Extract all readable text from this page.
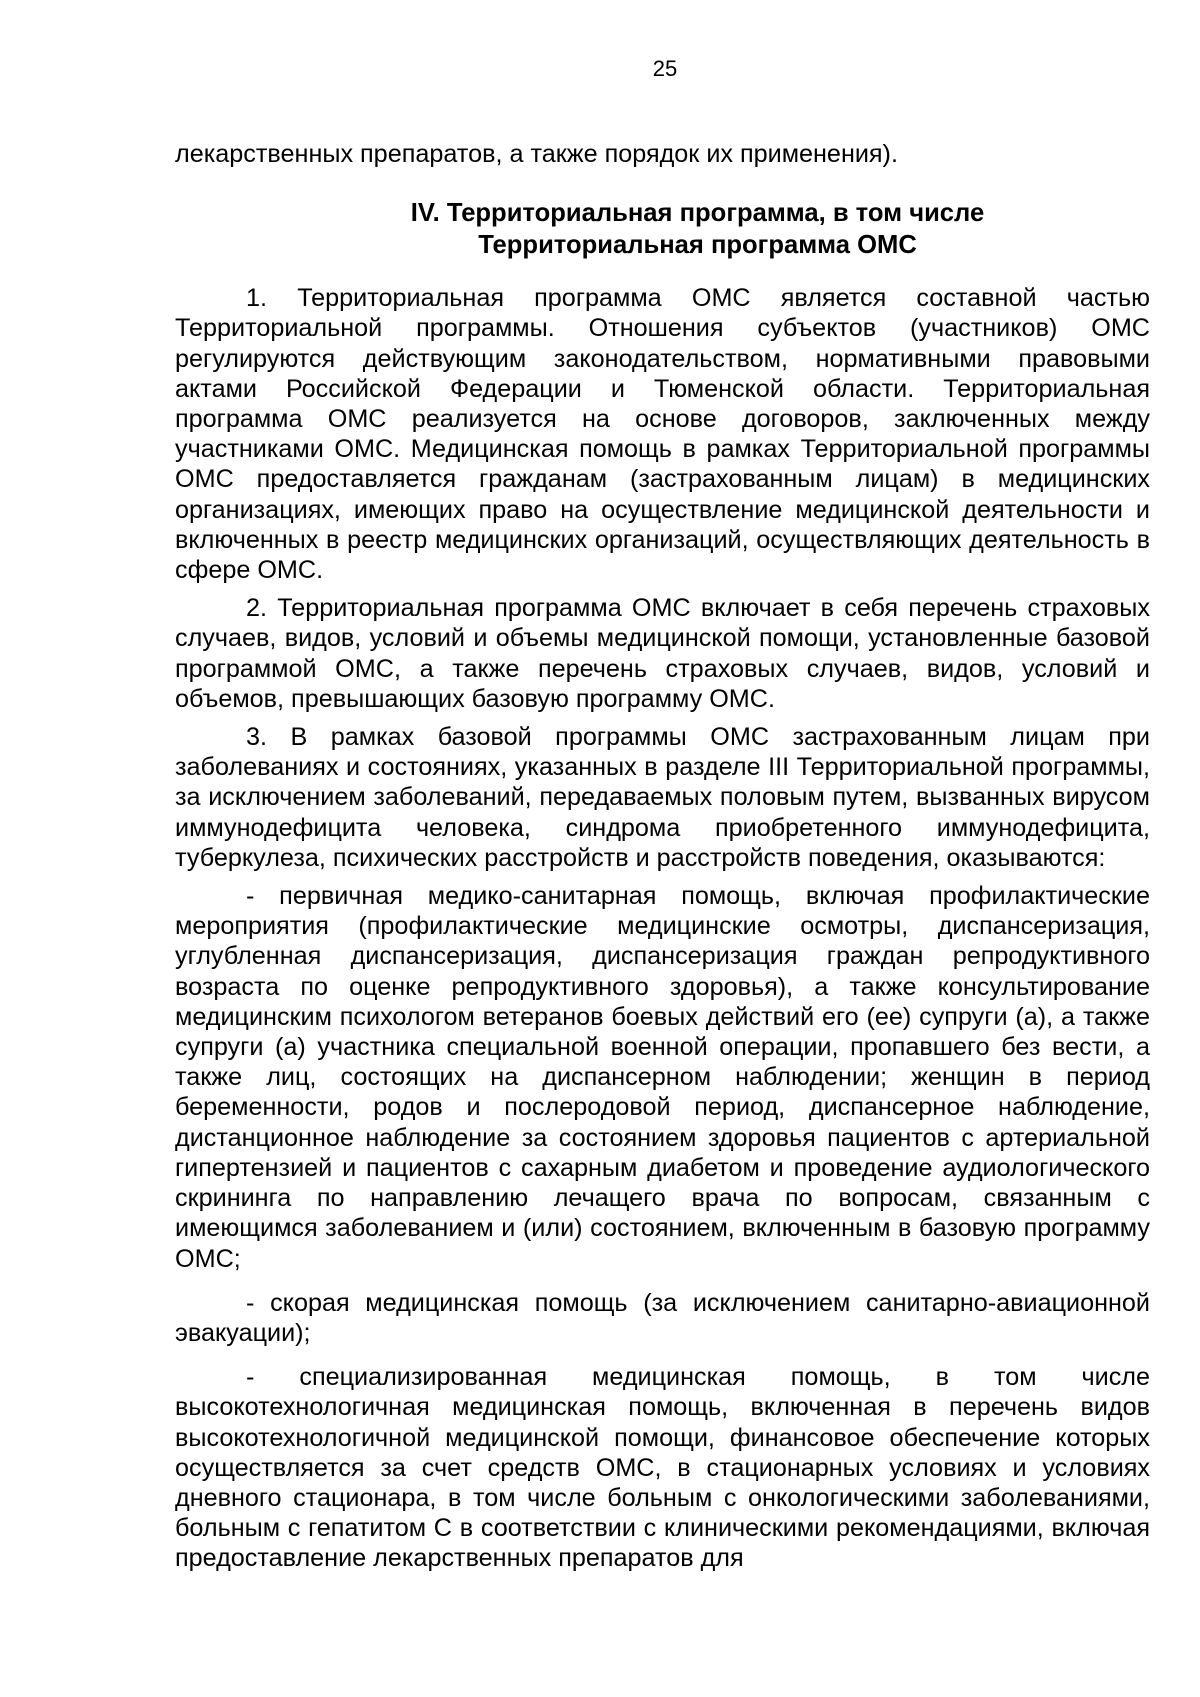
25

лекарственных препаратов, а также порядок их применения).

IV. Территориальная программа, в том числе
Территориальная программа ОМС

1. Территориальная программа ОМС является составной частью Территориальной программы. Отношения субъектов (участников) ОМС регулируются действующим законодательством, нормативными правовыми актами Российской Федерации и Тюменской области. Территориальная программа ОМС реализуется на основе договоров, заключенных между участниками ОМС. Медицинская помощь в рамках Территориальной программы ОМС предоставляется гражданам (застрахованным лицам) в медицинских организациях, имеющих право на осуществление медицинской деятельности и включенных в реестр медицинских организаций, осуществляющих деятельность в сфере ОМС.

2. Территориальная программа ОМС включает в себя перечень страховых случаев, видов, условий и объемы медицинской помощи, установленные базовой программой ОМС, а также перечень страховых случаев, видов, условий и объемов, превышающих базовую программу ОМС.

3. В рамках базовой программы ОМС застрахованным лицам при заболеваниях и состояниях, указанных в разделе III Территориальной программы, за исключением заболеваний, передаваемых половым путем, вызванных вирусом иммунодефицита человека, синдрома приобретенного иммунодефицита, туберкулеза, психических расстройств и расстройств поведения, оказываются:

- первичная медико-санитарная помощь, включая профилактические мероприятия (профилактические медицинские осмотры, диспансеризация, углубленная диспансеризация, диспансеризация граждан репродуктивного возраста по оценке репродуктивного здоровья), а также консультирование медицинским психологом ветеранов боевых действий его (ее) супруги (а), а также супруги (а) участника специальной военной операции, пропавшего без вести, а также лиц, состоящих на диспансерном наблюдении; женщин в период беременности, родов и послеродовой период, диспансерное наблюдение, дистанционное наблюдение за состоянием здоровья пациентов с артериальной гипертензией и пациентов с сахарным диабетом и проведение аудиологического скрининга по направлению лечащего врача по вопросам, связанным с имеющимся заболеванием и (или) состоянием, включенным в базовую программу ОМС;

- скорая медицинская помощь (за исключением санитарно-авиационной эвакуации);

- специализированная медицинская помощь, в том числе высокотехнологичная медицинская помощь, включенная в перечень видов высокотехнологичной медицинской помощи, финансовое обеспечение которых осуществляется за счет средств ОМС, в стационарных условиях и условиях дневного стационара, в том числе больным с онкологическими заболеваниями, больным с гепатитом С в соответствии с клиническими рекомендациями, включая предоставление лекарственных препаратов для
